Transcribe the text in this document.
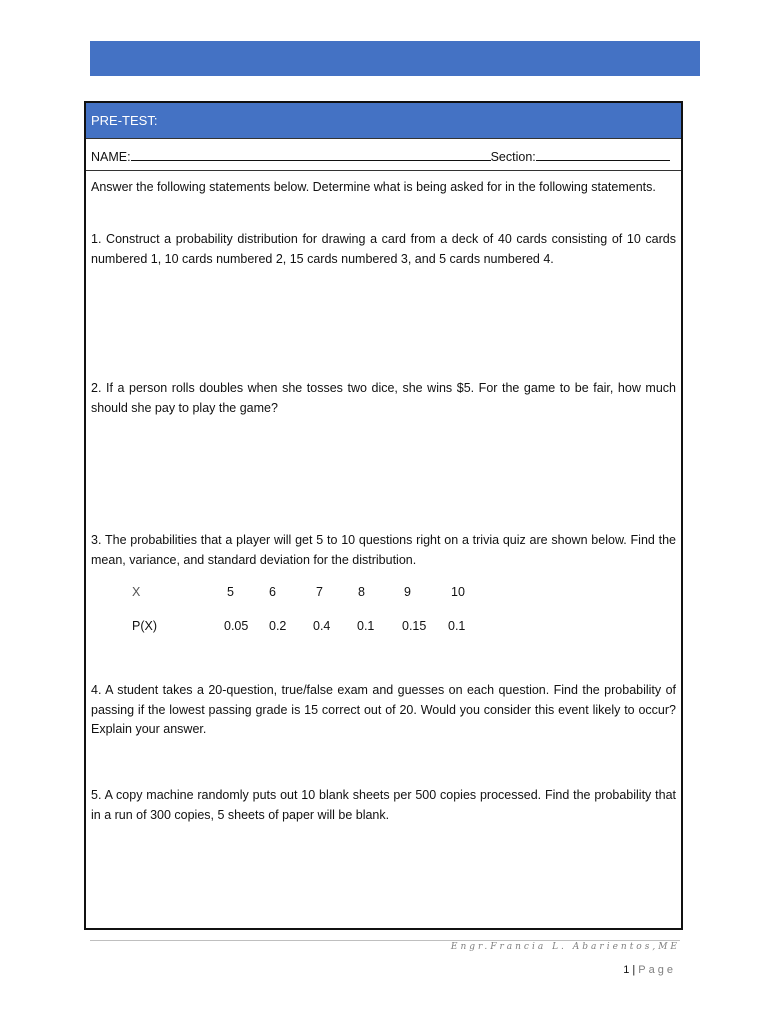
PRE-TEST:
NAME:	Section:

Answer the following statements below. Determine what is being asked for in the following statements.

1. Construct a probability distribution for drawing a card from a deck of 40 cards consisting of 10 cards numbered 1, 10 cards numbered 2, 15 cards numbered 3, and 5 cards numbered 4.

2. If a person rolls doubles when she tosses two dice, she wins $5. For the game to be fair, how much should she pay to play the game?

3. The probabilities that a player will get 5 to 10 questions right on a trivia quiz are shown below. Find the mean, variance, and standard deviation for the distribution.

X	5	6	7	8	9	10
P(X)	0.05 0.2 0.4 0.1 0.15 0.1

4. A student takes a 20-question, true/false exam and guesses on each question. Find the probability of passing if the lowest passing grade is 15 correct out of 20. Would you consider this event likely to occur? Explain your answer.

5. A copy machine randomly puts out 10 blank sheets per 500 copies processed. Find the probability that in a run of 300 copies, 5 sheets of paper will be blank.

Engr.Francia L. Abarientos,ME
1 | Page
